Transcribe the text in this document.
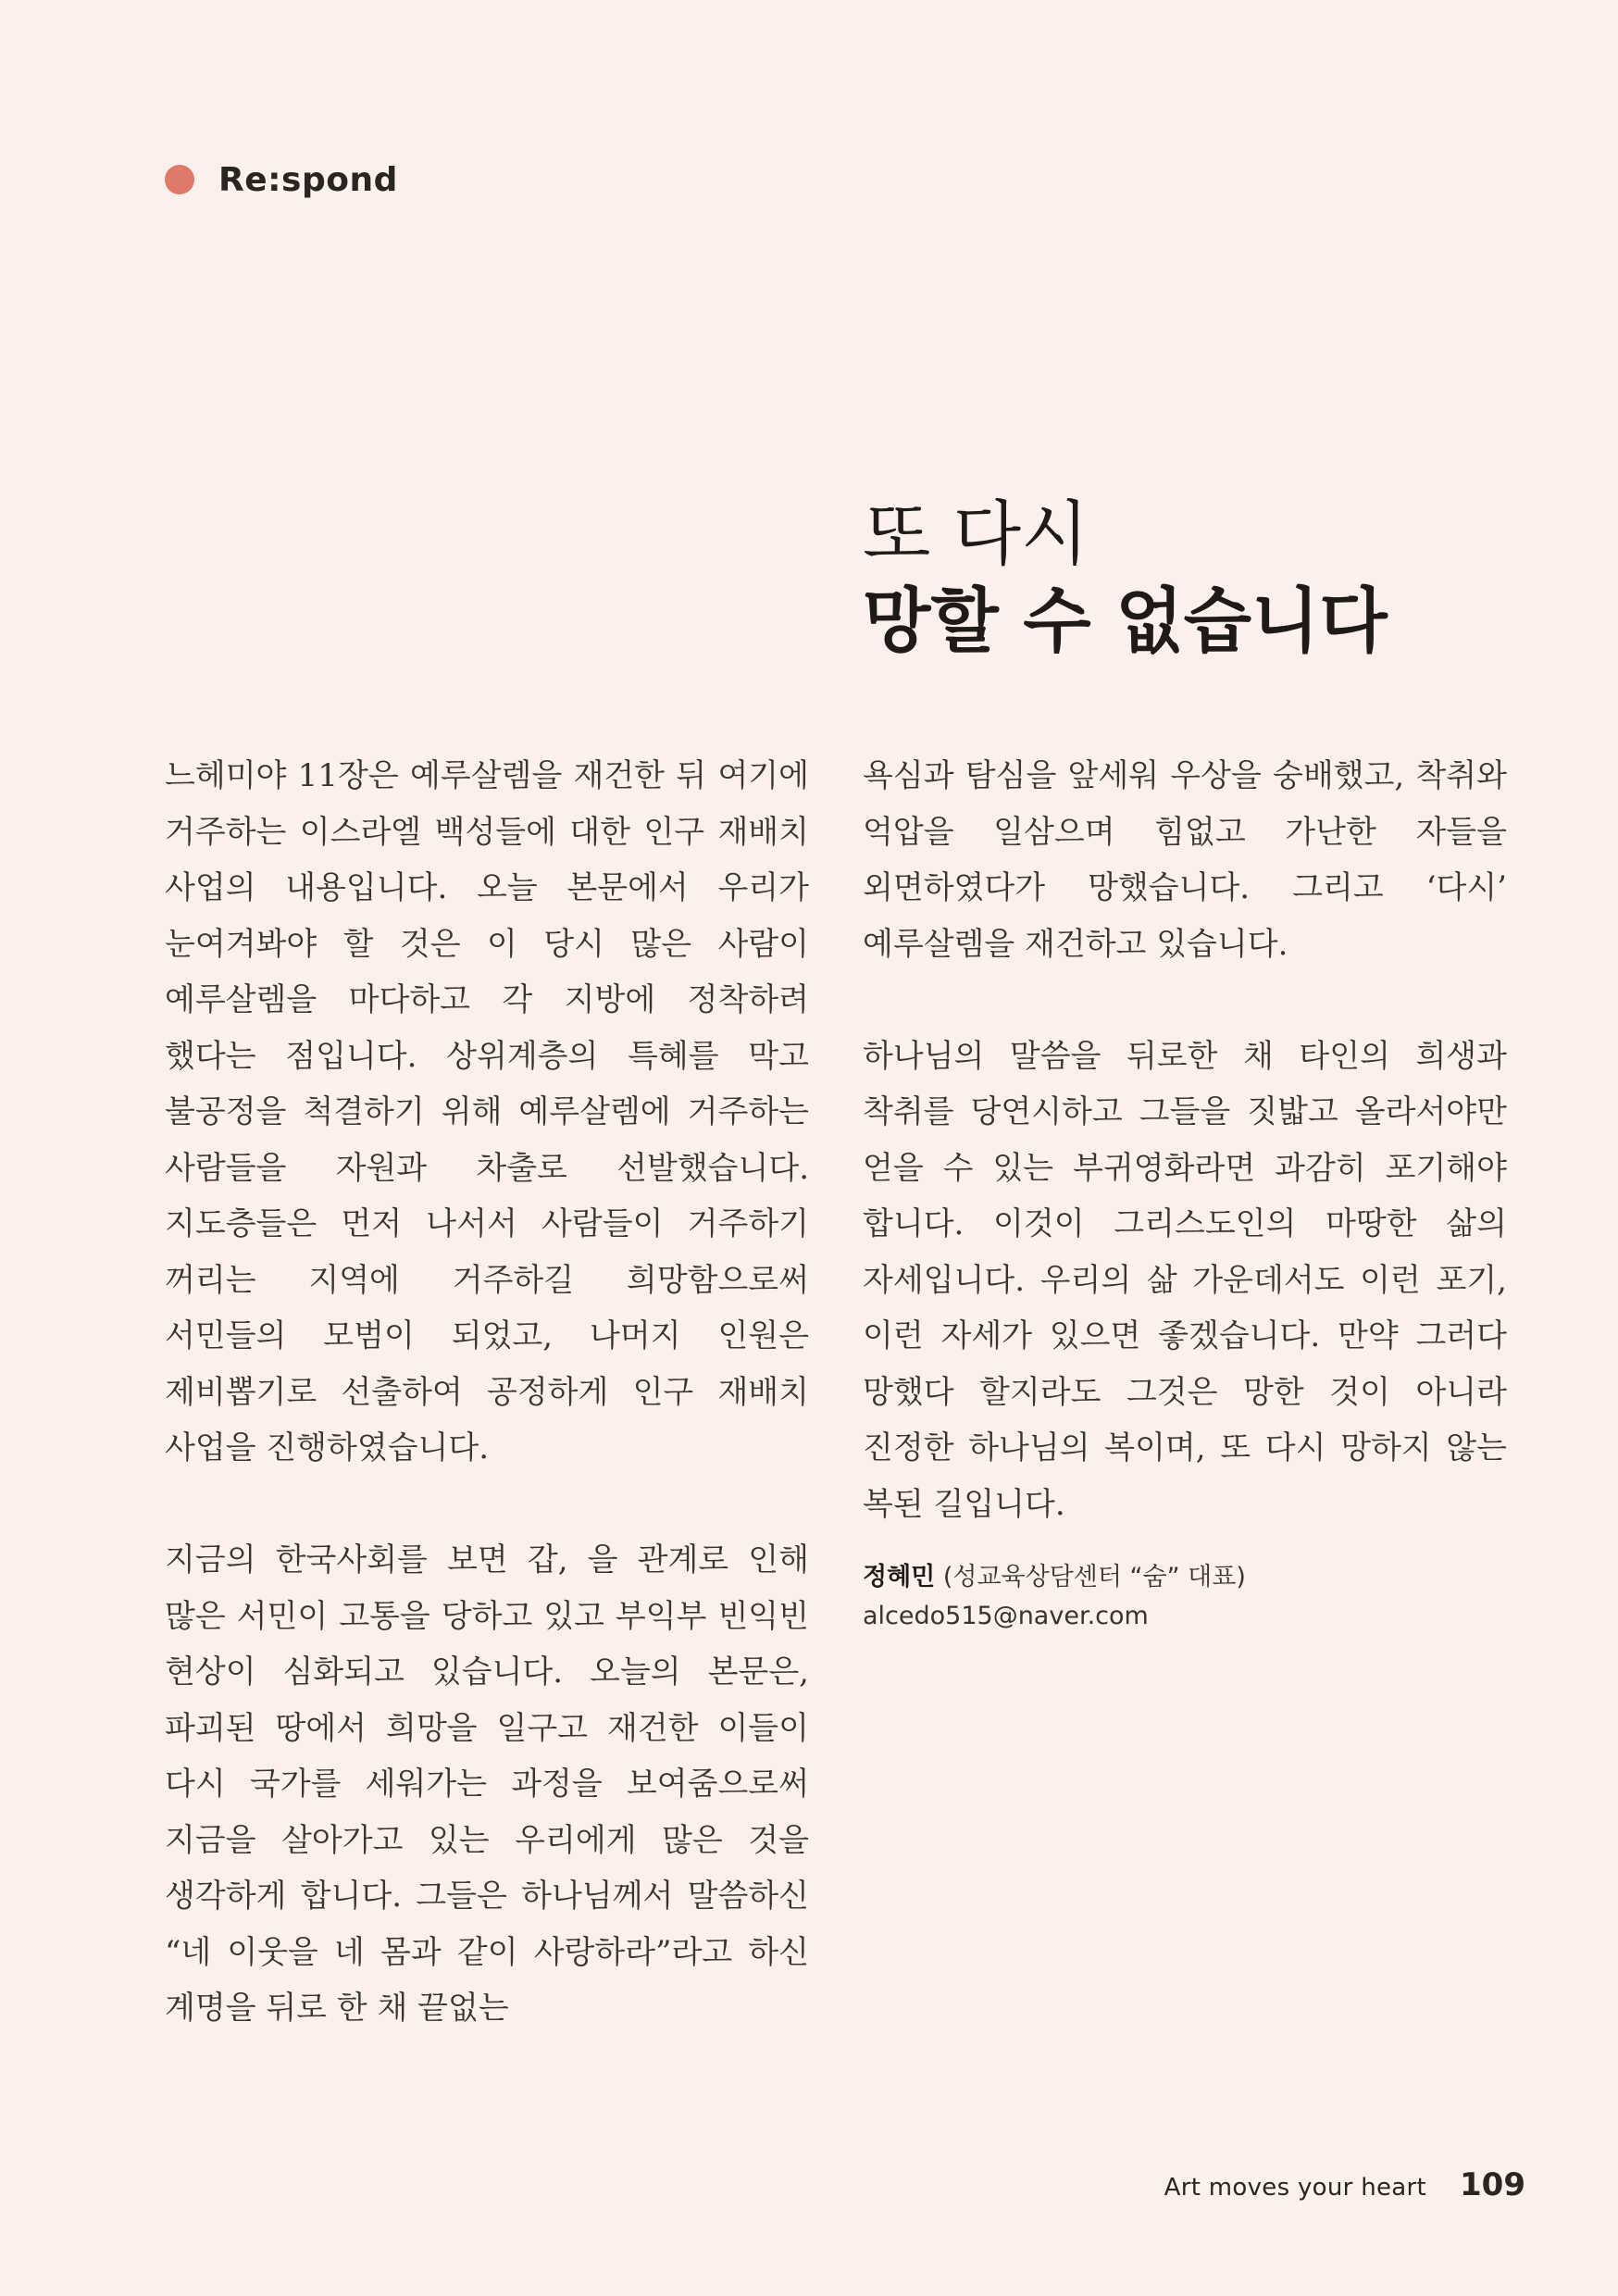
Re:spond
또 다시
망할 수 없습니다

느헤미야 11장은 예루살렘을 재건한 뒤 여기에 거주하는 이스라엘 백성들에 대한 인구 재배치 사업의 내용입니다. 오늘 본문에서 우리가 눈여겨봐야 할 것은 이 당시 많은 사람이 예루살렘을 마다하고 각 지방에 정착하려 했다는 점입니다. 상위계층의 특혜를 막고 불공정을 척결하기 위해 예루살렘에 거주하는 사람들을 자원과 차출로 선발했습니다. 지도층들은 먼저 나서서 사람들이 거주하기 꺼리는 지역에 거주하길 희망함으로써 서민들의 모범이 되었고, 나머지 인원은 제비뽑기로 선출하여 공정하게 인구 재배치 사업을 진행하였습니다.

지금의 한국사회를 보면 갑, 을 관계로 인해 많은 서민이 고통을 당하고 있고 부익부 빈익빈 현상이 심화되고 있습니다. 오늘의 본문은, 파괴된 땅에서 희망을 일구고 재건한 이들이 다시 국가를 세워가는 과정을 보여줌으로써 지금을 살아가고 있는 우리에게 많은 것을 생각하게 합니다. 그들은 하나님께서 말씀하신 “네 이웃을 네 몸과 같이 사랑하라”라고 하신 계명을 뒤로 한 채 끝없는

욕심과 탐심을 앞세워 우상을 숭배했고, 착취와 억압을 일삼으며 힘없고 가난한 자들을 외면하였다가 망했습니다. 그리고 ‘다시’ 예루살렘을 재건하고 있습니다.

하나님의 말씀을 뒤로한 채 타인의 희생과 착취를 당연시하고 그들을 짓밟고 올라서야만 얻을 수 있는 부귀영화라면 과감히 포기해야 합니다. 이것이 그리스도인의 마땅한 삶의 자세입니다. 우리의 삶 가운데서도 이런 포기, 이런 자세가 있으면 좋겠습니다. 만약 그러다 망했다 할지라도 그것은 망한 것이 아니라 진정한 하나님의 복이며, 또 다시 망하지 않는 복된 길입니다.

정혜민 (성교육상담센터 “숨” 대표)
alcedo515@naver.com
Art moves your heart 109
